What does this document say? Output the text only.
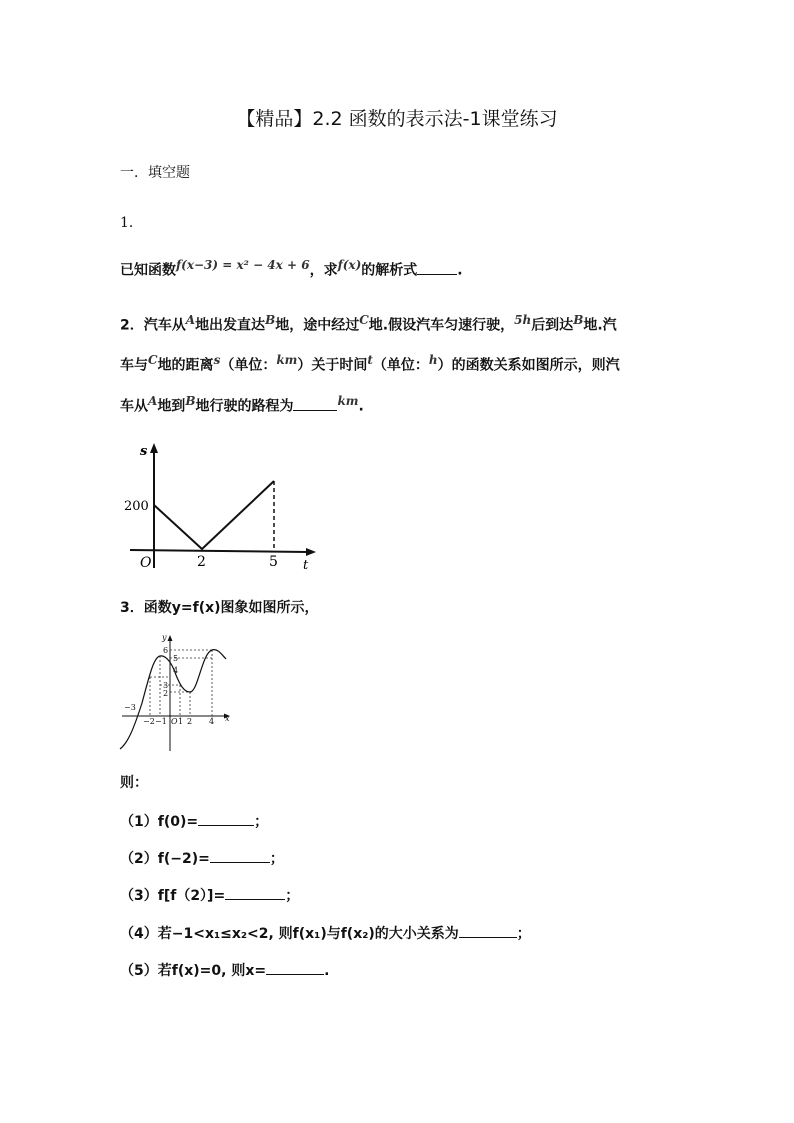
【精品】2.2 函数的表示法-1课堂练习
一．填空题
1．
已知函数f(x−3) = x² − 4x + 6，求f(x)的解析式	.
2．汽车从A地出发直达B地，途中经过C地.假设汽车匀速行驶，5h后到达B地.汽
车与C地的距离s（单位：km）关于时间t（单位：h）的函数关系如图所示，则汽
车从A地到B地行驶的路程为	km.
s
200
O	2	5 t
3．函数y=f(x)图象如图所示，
y
6
5
4
3
2
−3
−2 −1 O 1 2 4 x
则：
（1）f(0)=	；
（2）f(−2)=	；
（3）f[f（2）]=	；
（4）若−1<x₁≤x₂<2, 则f(x₁)与f(x₂)的大小关系为	；
（5）若f(x)=0, 则x=	.
